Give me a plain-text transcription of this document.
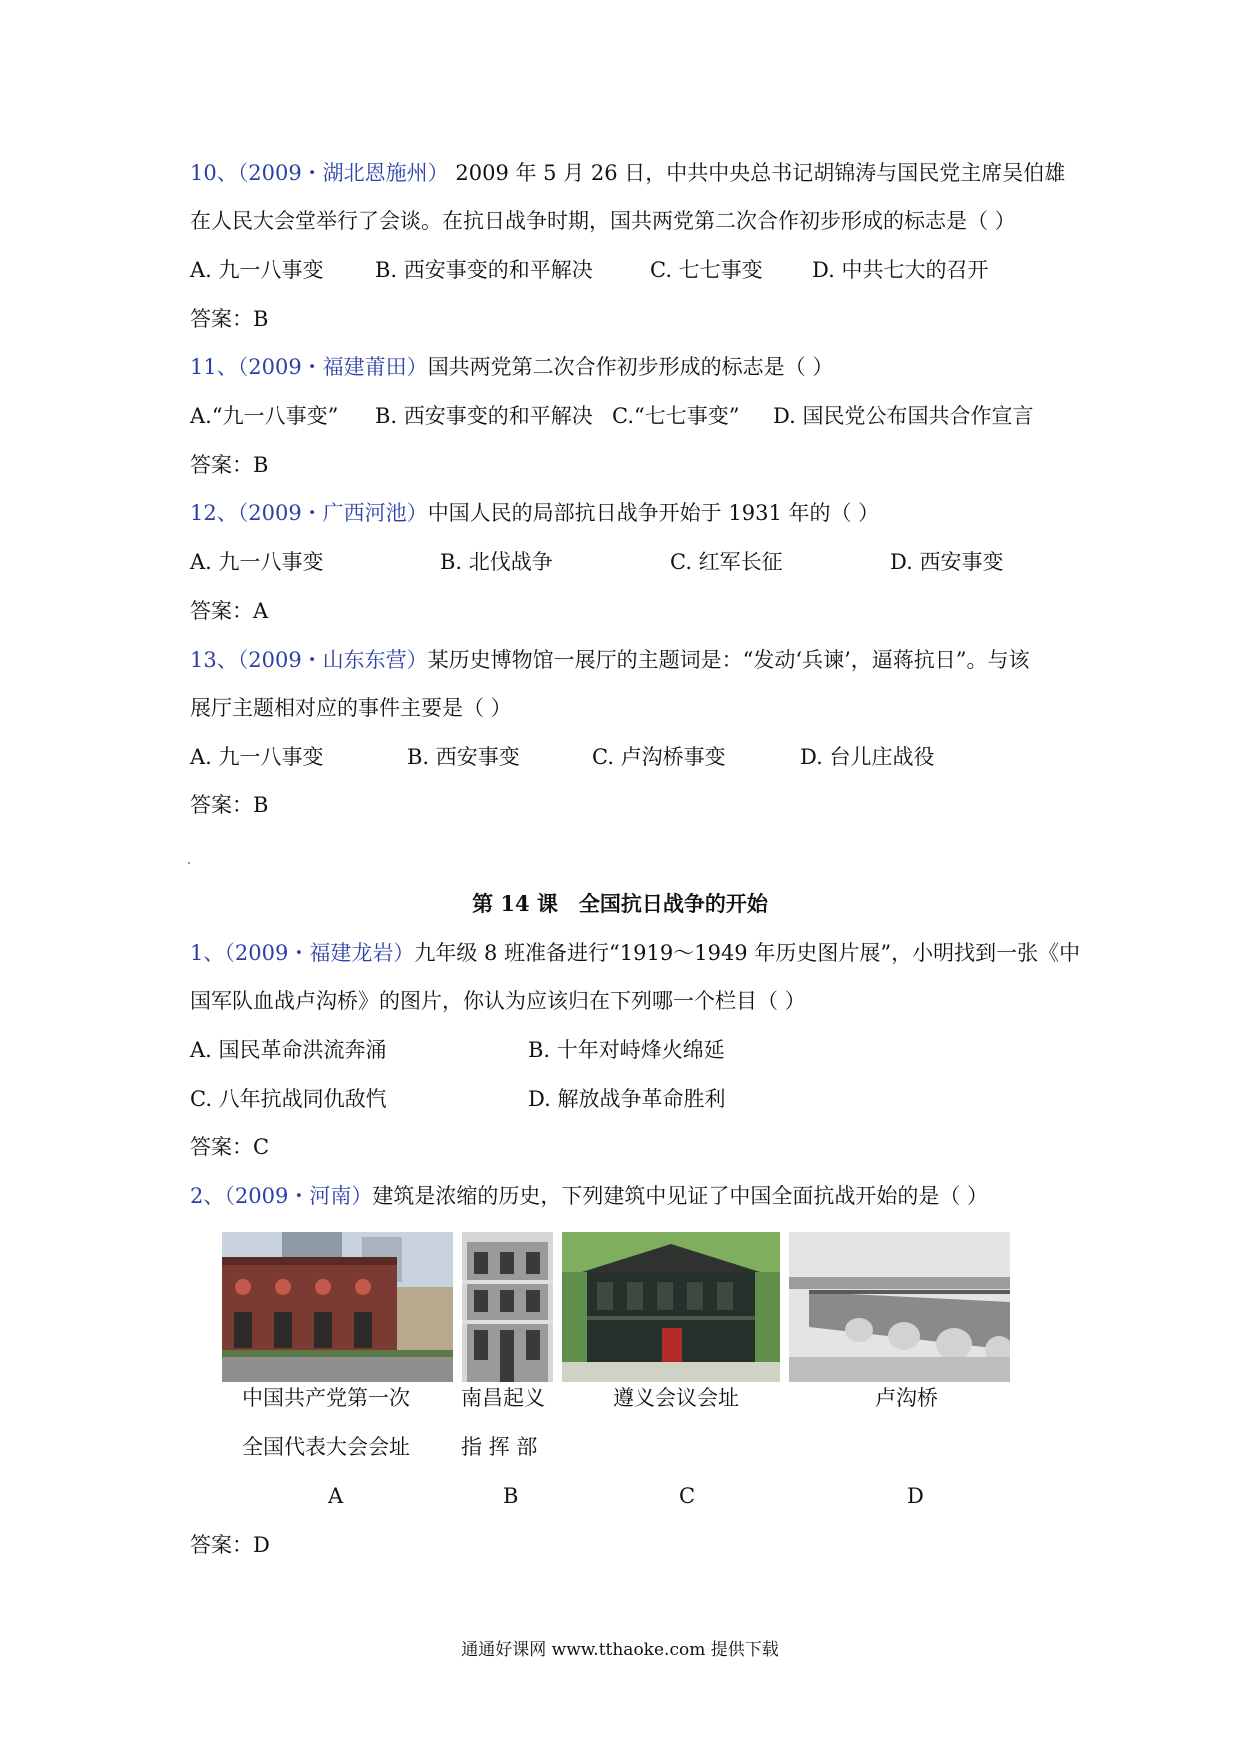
10、（2009・湖北恩施州） 2009 年 5 月 26 日，中共中央总书记胡锦涛与国民党主席吴伯雄
在人民大会堂举行了会谈。在抗日战争时期，国共两党第二次合作初步形成的标志是（ ）
A. 九一八事变 B. 西安事变的和平解决	C. 七七事变 D. 中共七大的召开
答案：B
11、（2009・福建莆田）国共两党第二次合作初步形成的标志是（ ）
A.“九一八事变” B. 西安事变的和平解决 C.“七七事变” D. 国民党公布国共合作宣言
答案：B
12、（2009・广西河池）中国人民的局部抗日战争开始于 1931 年的（ ）
A. 九一八事变	B. 北伐战争	C. 红军长征	D. 西安事变
答案：A
13、（2009・山东东营）某历史博物馆一展厅的主题词是：“发动‘兵谏’，逼蒋抗日”。与该
展厅主题相对应的事件主要是（ ）
A. 九一八事变	B. 西安事变	C. 卢沟桥事变	D. 台儿庄战役
答案：B
第 14 课　全国抗日战争的开始
1、（2009・福建龙岩）九年级 8 班准备进行“1919～1949 年历史图片展”，小明找到一张《中
国军队血战卢沟桥》的图片，你认为应该归在下列哪一个栏目（ ）
A. 国民革命洪流奔涌	B. 十年对峙烽火绵延
C. 八年抗战同仇敌忾	D. 解放战争革命胜利
答案：C
2、（2009・河南）建筑是浓缩的历史，下列建筑中见证了中国全面抗战开始的是（ ）
中国共产党第一次
全国代表大会会址
A
南昌起义
指 挥 部
B
遵义会议会址
C
卢沟桥
D
答案：D
通通好课网 www.tthaoke.com 提供下载
